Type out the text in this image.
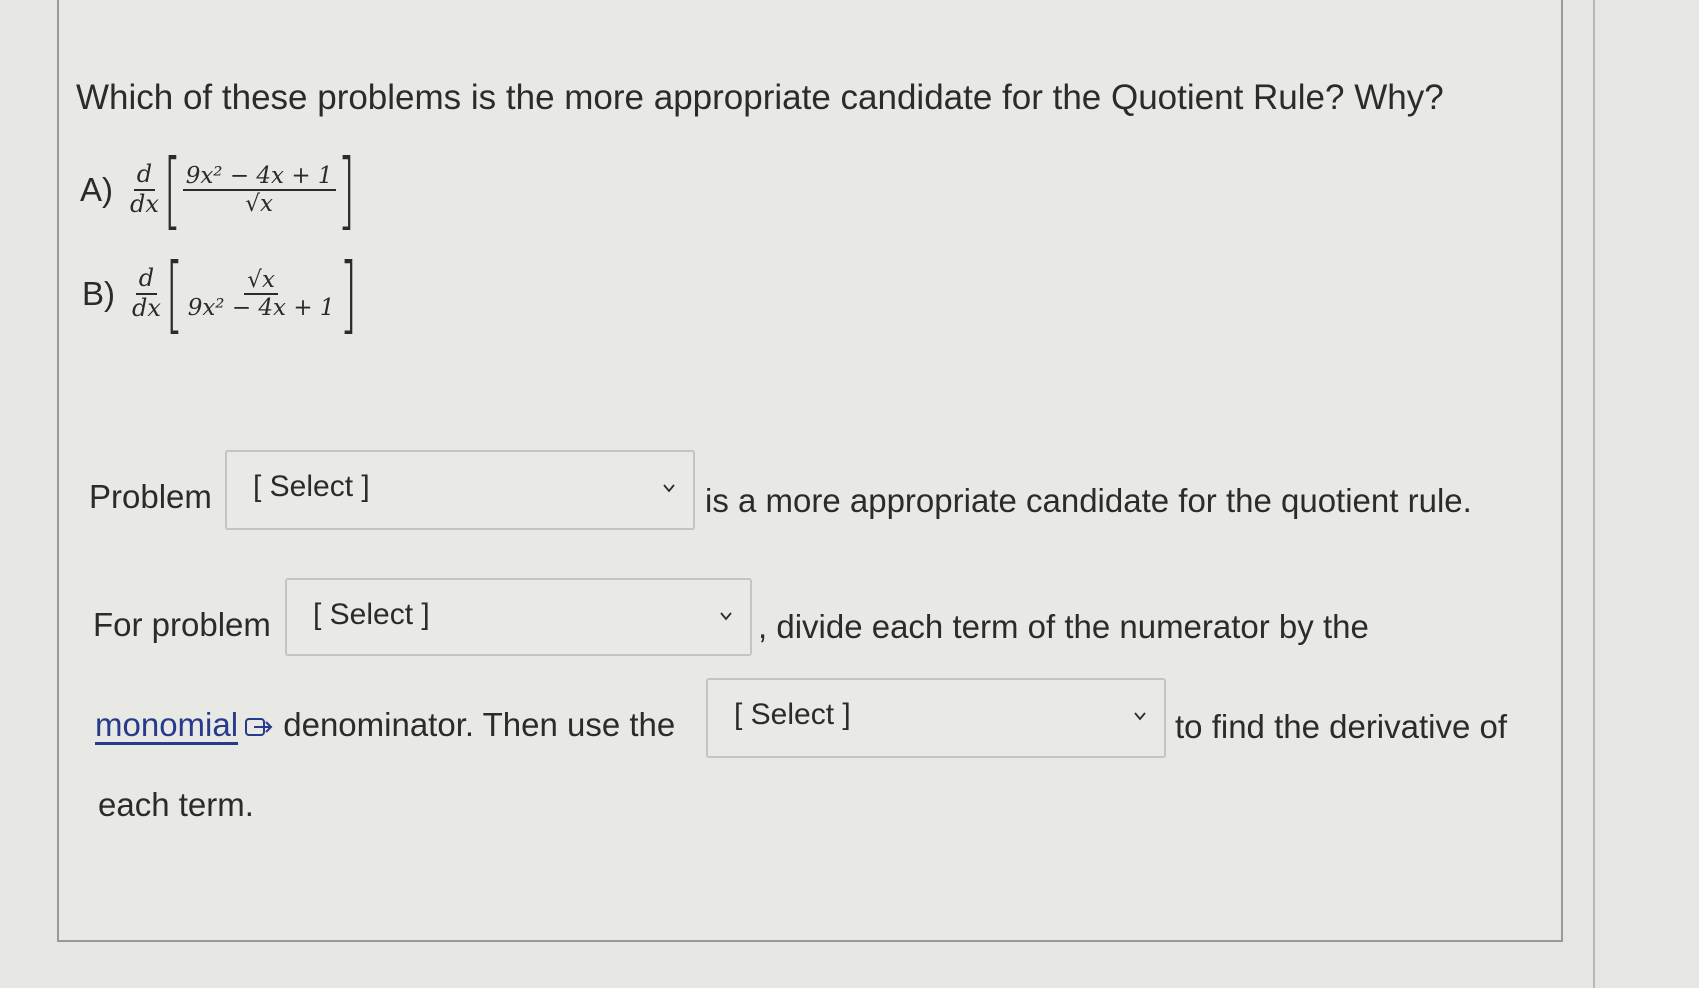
Which of these problems is the more appropriate candidate for the Quotient Rule? Why?
$A) \frac{d}{dx}$ [ $\frac{\text{9x² − 4x + 1}}{√x}$ ]
$B) \frac{d}{dx}$ [ $\frac{√x}{\text{9x² − 4x + 1}}$ ]
Problem [ Select ]	is a more appropriate candidate for the quotient rule.
For problem [ Select ]	, divide each term of the numerator by the
monomial denominator. Then use the [ Select ]	to find the derivative of
each term.
